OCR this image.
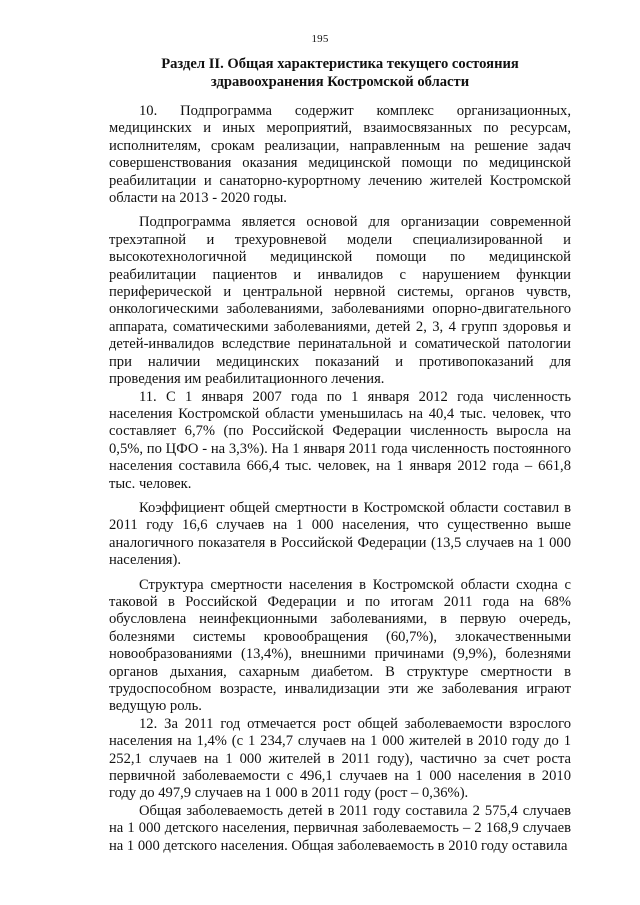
195
Раздел II. Общая характеристика текущего состояния здравоохранения Костромской области

10. Подпрограмма содержит комплекс организационных, медицинских и иных мероприятий, взаимосвязанных по ресурсам, исполнителям, срокам реализации, направленным на решение задач совершенствования оказания медицинской помощи по медицинской реабилитации и санаторно-курортному лечению жителей Костромской области на 2013 - 2020 годы.

Подпрограмма является основой для организации современной трехэтапной и трехуровневой модели специализированной и высокотехнологичной медицинской помощи по медицинской реабилитации пациентов и инвалидов с нарушением функции периферической и центральной нервной системы, органов чувств, онкологическими заболеваниями, заболеваниями опорно-двигательного аппарата, соматическими заболеваниями, детей 2, 3, 4 групп здоровья и детей-инвалидов вследствие перинатальной и соматической патологии при наличии медицинских показаний и противопоказаний для проведения им реабилитационного лечения.

11. С 1 января 2007 года по 1 января 2012 года численность населения Костромской области уменьшилась на 40,4 тыс. человек, что составляет 6,7% (по Российской Федерации численность выросла на 0,5%, по ЦФО - на 3,3%). На 1 января 2011 года численность постоянного населения составила 666,4 тыс. человек, на 1 января 2012 года – 661,8 тыс. человек.

Коэффициент общей смертности в Костромской области составил в 2011 году 16,6 случаев на 1 000 населения, что существенно выше аналогичного показателя в Российской Федерации (13,5 случаев на 1 000 населения).

Структура смертности населения в Костромской области сходна с таковой в Российской Федерации и по итогам 2011 года на 68% обусловлена неинфекционными заболеваниями, в первую очередь, болезнями системы кровообращения (60,7%), злокачественными новообразованиями (13,4%), внешними причинами (9,9%), болезнями органов дыхания, сахарным диабетом. В структуре смертности в трудоспособном возрасте, инвалидизации эти же заболевания играют ведущую роль.

12. За 2011 год отмечается рост общей заболеваемости взрослого населения на 1,4% (с 1 234,7 случаев на 1 000 жителей в 2010 году до 1 252,1 случаев на 1 000 жителей в 2011 году), частично за счет роста первичной заболеваемости с 496,1 случаев на 1 000 населения в 2010 году до 497,9 случаев на 1 000 в 2011 году (рост – 0,36%).

Общая заболеваемость детей в 2011 году составила 2 575,4 случаев на 1 000 детского населения, первичная заболеваемость – 2 168,9 случаев на 1 000 детского населения. Общая заболеваемость в 2010 году оставила
